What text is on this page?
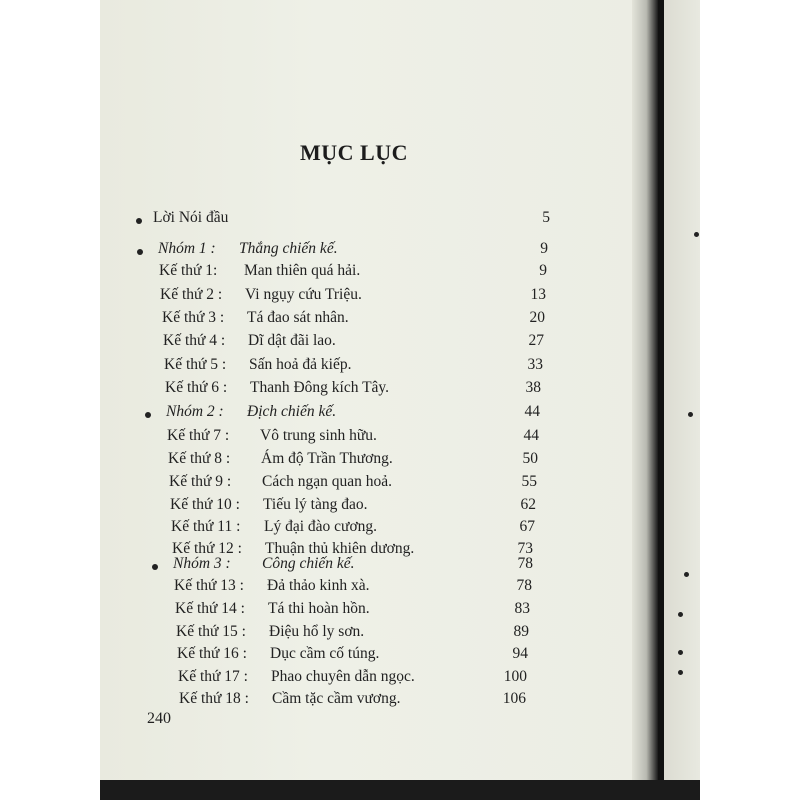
MỤC LỤC
Lời Nói đầu	5
Nhóm 1 : Thắng chiến kế.	9
Kế thứ 1: Man thiên quá hải.	9
Kế thứ 2 : Vi ngụy cứu Triệu.	13
Kế thứ 3 : Tá đao sát nhân.	20
Kế thứ 4 : Dĩ dật đãi lao.	27
Kế thứ 5 : Sấn hoả đả kiếp.	33
Kế thứ 6 : Thanh Đông kích Tây.	38
Nhóm 2 : Địch chiến kế.	44
Kế thứ 7 : Vô trung sinh hữu.	44
Kế thứ 8 : Ám độ Trần Thương.	50
Kế thứ 9 : Cách ngạn quan hoả.	55
Kế thứ 10 : Tiếu lý tàng đao.	62
Kế thứ 11 : Lý đại đào cương.	67
Kế thứ 12 : Thuận thủ khiên dương.	73
Nhóm 3 : Công chiến kế.	78
Kế thứ 13 : Đả thảo kinh xà.	78
Kế thứ 14 : Tá thi hoàn hồn.	83
Kế thứ 15 : Điệu hổ ly sơn.	89
Kế thứ 16 : Dục cầm cố túng.	94
Kế thứ 17 : Phao chuyên dẫn ngọc.	100
Kế thứ 18 : Cầm tặc cầm vương.	106
240
